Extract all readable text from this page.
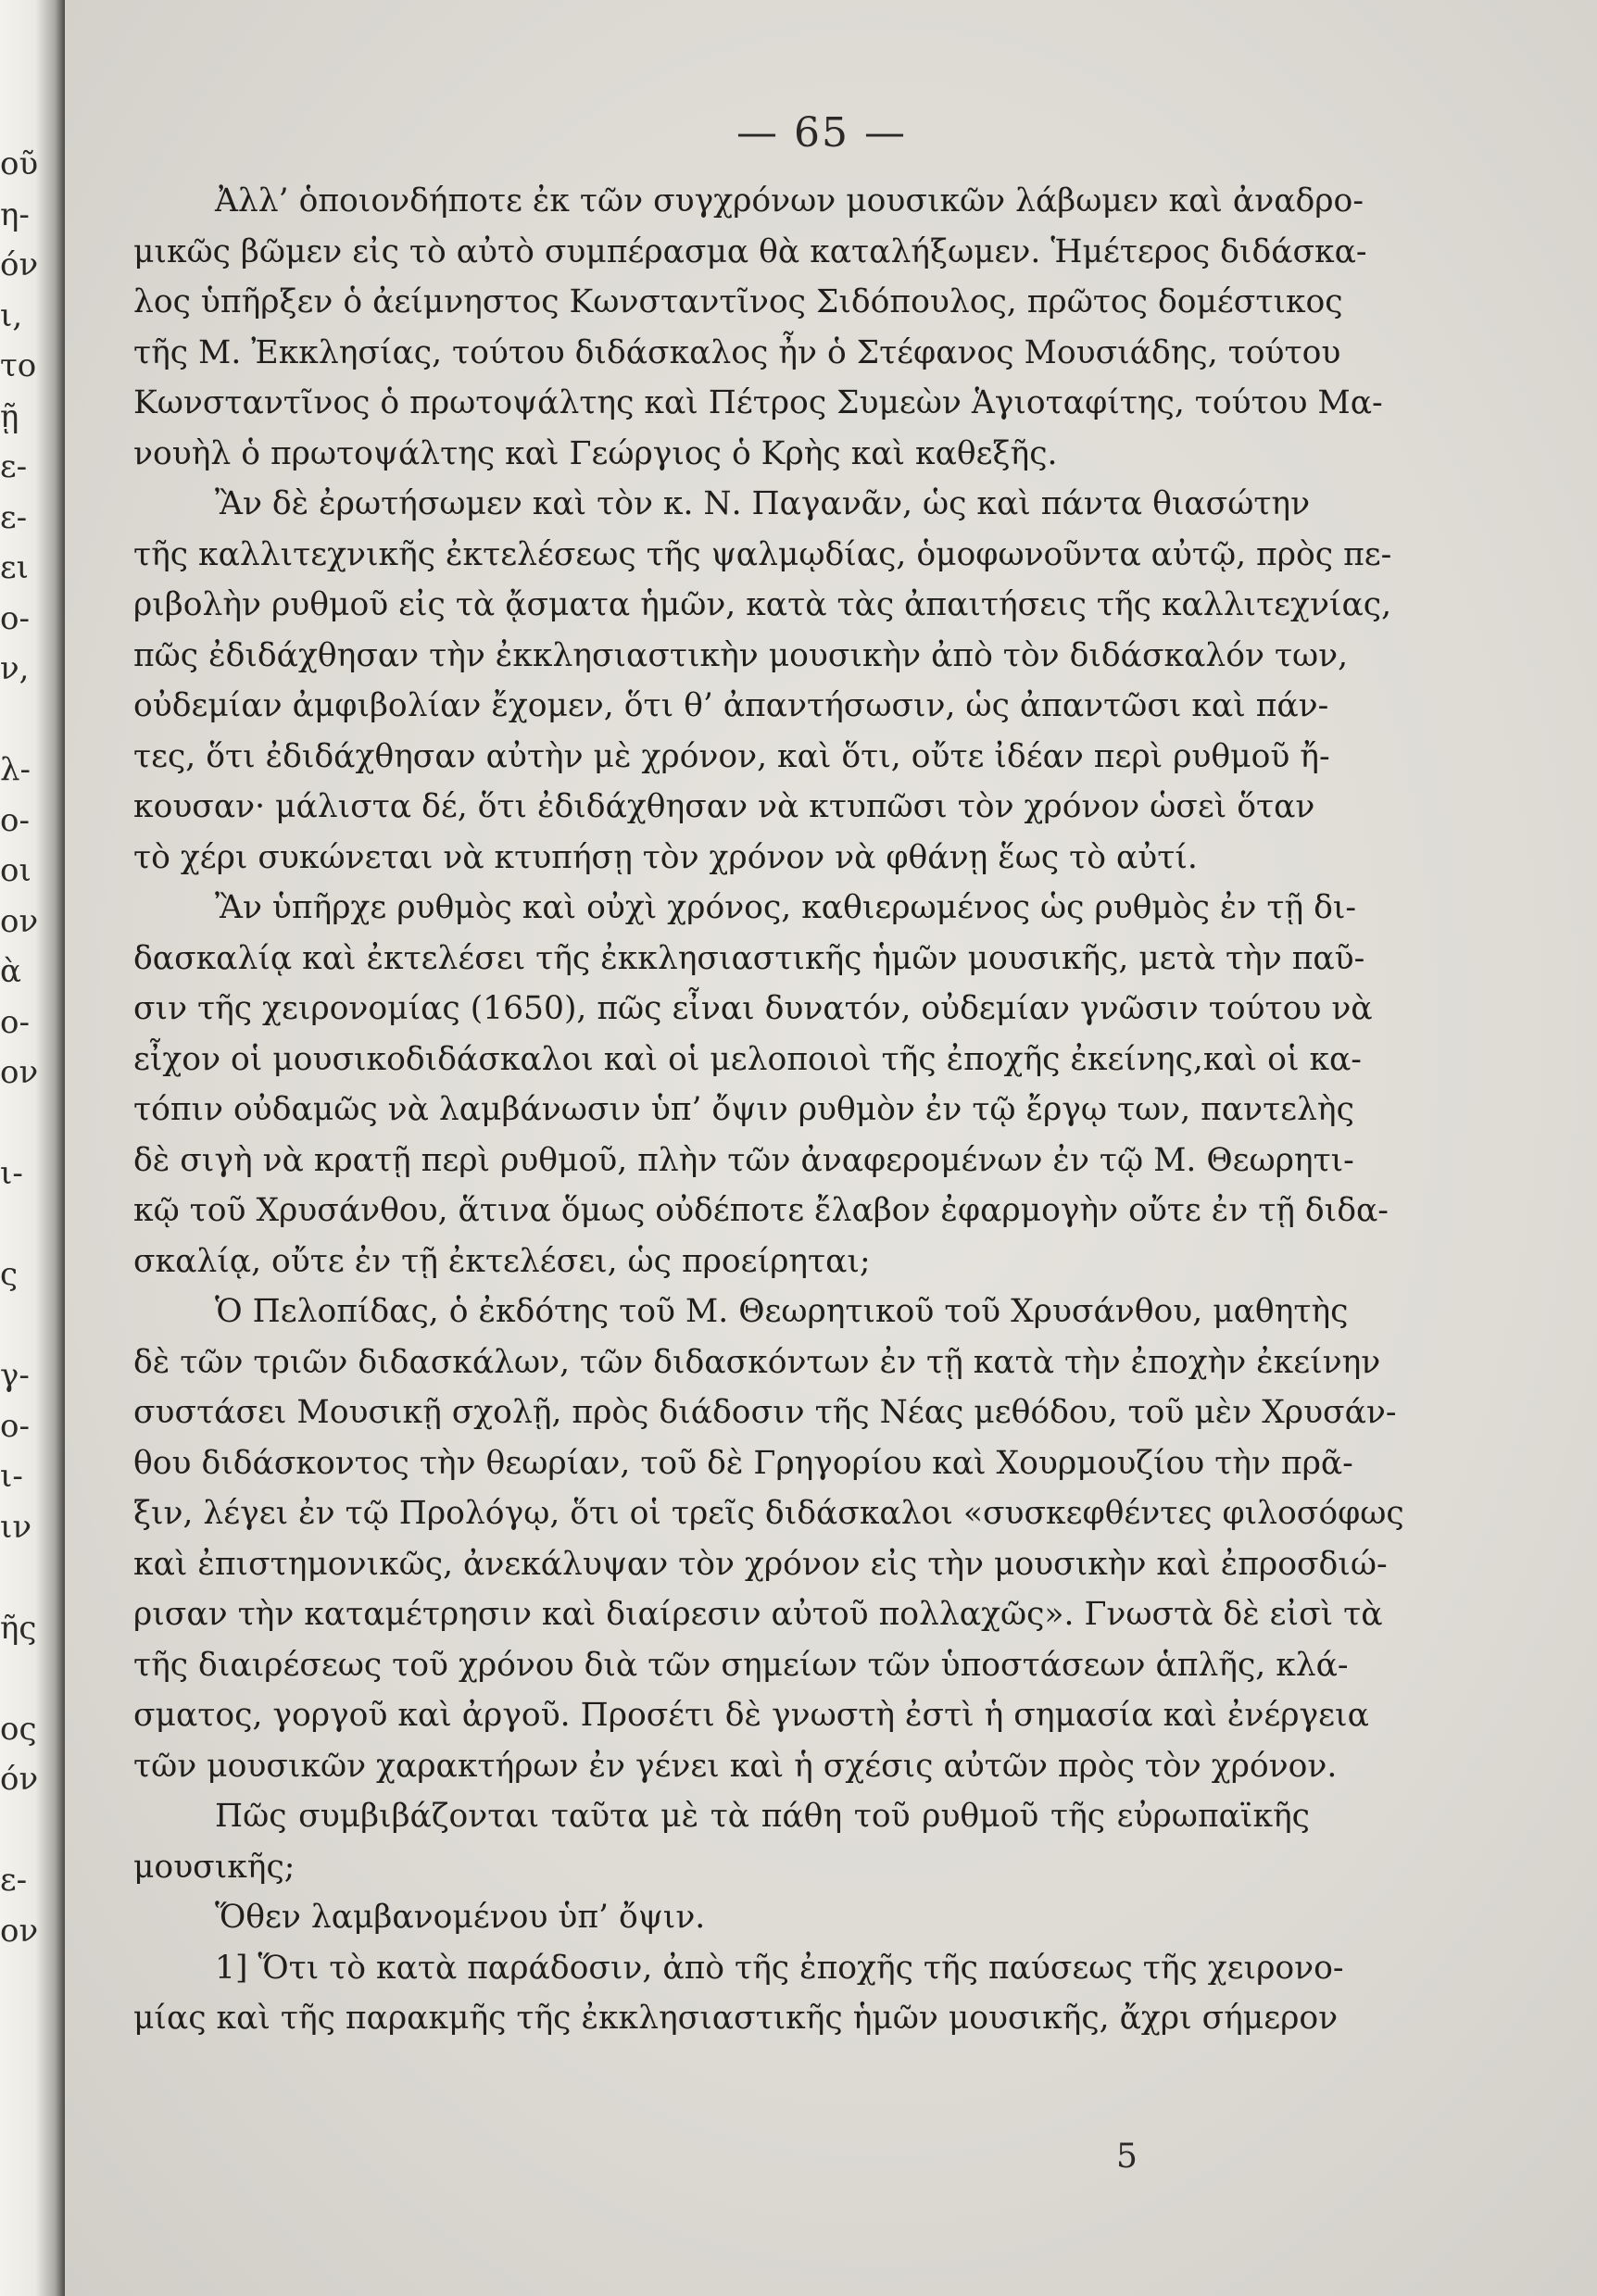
οῦ
η-
όν
ι,
το
ῇ
ε-
ε-
ει
ο-
ν,
λ-
ο-
οι
ον
ὰ
ο-
ον
ι-
ς
γ-
ο-
ι-
ιν
ῆς
ος
όν
ε-
ον
— 65 —
Ἀλλ’ ὁποιονδήποτε ἐκ τῶν συγχρόνων μουσικῶν λάβωμεν καὶ ἀναδρο-
μικῶς βῶμεν εἰς τὸ αὐτὸ συμπέρασμα θὰ καταλήξωμεν. Ἡμέτερος διδάσκα-
λος ὑπῆρξεν ὁ ἀείμνηστος Κωνσταντῖνος Σιδόπουλος, πρῶτος δομέστικος
τῆς Μ. Ἐκκλησίας, τούτου διδάσκαλος ἦν ὁ Στέφανος Μουσιάδης, τούτου
Κωνσταντῖνος ὁ πρωτοψάλτης καὶ Πέτρος Συμεὼν Ἁγιοταφίτης, τούτου Μα-
νουὴλ ὁ πρωτοψάλτης καὶ Γεώργιος ὁ Κρὴς καὶ καθεξῆς.
Ἂν δὲ ἐρωτήσωμεν καὶ τὸν κ. Ν. Παγανᾶν, ὡς καὶ πάντα θιασώτην
τῆς καλλιτεχνικῆς ἐκτελέσεως τῆς ψαλμῳδίας, ὁμοφωνοῦντα αὐτῷ, πρὸς πε-
ριβολὴν ρυθμοῦ εἰς τὰ ᾄσματα ἡμῶν, κατὰ τὰς ἀπαιτήσεις τῆς καλλιτεχνίας,
πῶς ἐδιδάχθησαν τὴν ἐκκλησιαστικὴν μουσικὴν ἀπὸ τὸν διδάσκαλόν των,
οὐδεμίαν ἀμφιβολίαν ἔχομεν, ὅτι θ’ ἀπαντήσωσιν, ὡς ἀπαντῶσι καὶ πάν-
τες, ὅτι ἐδιδάχθησαν αὐτὴν μὲ χρόνον, καὶ ὅτι, οὔτε ἰδέαν περὶ ρυθμοῦ ἤ-
κουσαν· μάλιστα δέ, ὅτι ἐδιδάχθησαν νὰ κτυπῶσι τὸν χρόνον ὡσεὶ ὅταν
τὸ χέρι συκώνεται νὰ κτυπήσῃ τὸν χρόνον νὰ φθάνῃ ἕως τὸ αὐτί.
Ἂν ὑπῆρχε ρυθμὸς καὶ οὐχὶ χρόνος, καθιερωμένος ὡς ρυθμὸς ἐν τῇ δι-
δασκαλίᾳ καὶ ἐκτελέσει τῆς ἐκκλησιαστικῆς ἡμῶν μουσικῆς, μετὰ τὴν παῦ-
σιν τῆς χειρονομίας (1650), πῶς εἶναι δυνατόν, οὐδεμίαν γνῶσιν τούτου νὰ
εἶχον οἱ μουσικοδιδάσκαλοι καὶ οἱ μελοποιοὶ τῆς ἐποχῆς ἐκείνης,καὶ οἱ κα-
τόπιν οὐδαμῶς νὰ λαμβάνωσιν ὑπ’ ὄψιν ρυθμὸν ἐν τῷ ἔργῳ των, παντελὴς
δὲ σιγὴ νὰ κρατῇ περὶ ρυθμοῦ, πλὴν τῶν ἀναφερομένων ἐν τῷ Μ. Θεωρητι-
κῷ τοῦ Χρυσάνθου, ἅτινα ὅμως οὐδέποτε ἔλαβον ἐφαρμογὴν οὔτε ἐν τῇ διδα-
σκαλίᾳ, οὔτε ἐν τῇ ἐκτελέσει, ὡς προείρηται;
Ὁ Πελοπίδας, ὁ ἐκδότης τοῦ Μ. Θεωρητικοῦ τοῦ Χρυσάνθου, μαθητὴς
δὲ τῶν τριῶν διδασκάλων, τῶν διδασκόντων ἐν τῇ κατὰ τὴν ἐποχὴν ἐκείνην
συστάσει Μουσικῇ σχολῇ, πρὸς διάδοσιν τῆς Νέας μεθόδου, τοῦ μὲν Χρυσάν-
θου διδάσκοντος τὴν θεωρίαν, τοῦ δὲ Γρηγορίου καὶ Χουρμουζίου τὴν πρᾶ-
ξιν, λέγει ἐν τῷ Προλόγῳ, ὅτι οἱ τρεῖς διδάσκαλοι «συσκεφθέντες φιλοσόφως
καὶ ἐπιστημονικῶς, ἀνεκάλυψαν τὸν χρόνον εἰς τὴν μουσικὴν καὶ ἐπροσδιώ-
ρισαν τὴν καταμέτρησιν καὶ διαίρεσιν αὐτοῦ πολλαχῶς». Γνωστὰ δὲ εἰσὶ τὰ
τῆς διαιρέσεως τοῦ χρόνου διὰ τῶν σημείων τῶν ὑποστάσεων ἁπλῆς, κλά-
σματος, γοργοῦ καὶ ἀργοῦ. Προσέτι δὲ γνωστὴ ἐστὶ ἡ σημασία καὶ ἐνέργεια
τῶν μουσικῶν χαρακτήρων ἐν γένει καὶ ἡ σχέσις αὐτῶν πρὸς τὸν χρόνον.
Πῶς συμβιβάζονται ταῦτα μὲ τὰ πάθη τοῦ ρυθμοῦ τῆς εὐρωπαϊκῆς
μουσικῆς;
Ὅθεν λαμβανομένου ὑπ’ ὄψιν.
1] Ὅτι τὸ κατὰ παράδοσιν, ἀπὸ τῆς ἐποχῆς τῆς παύσεως τῆς χειρονο-
μίας καὶ τῆς παρακμῆς τῆς ἐκκλησιαστικῆς ἡμῶν μουσικῆς, ἄχρι σήμερον
5
